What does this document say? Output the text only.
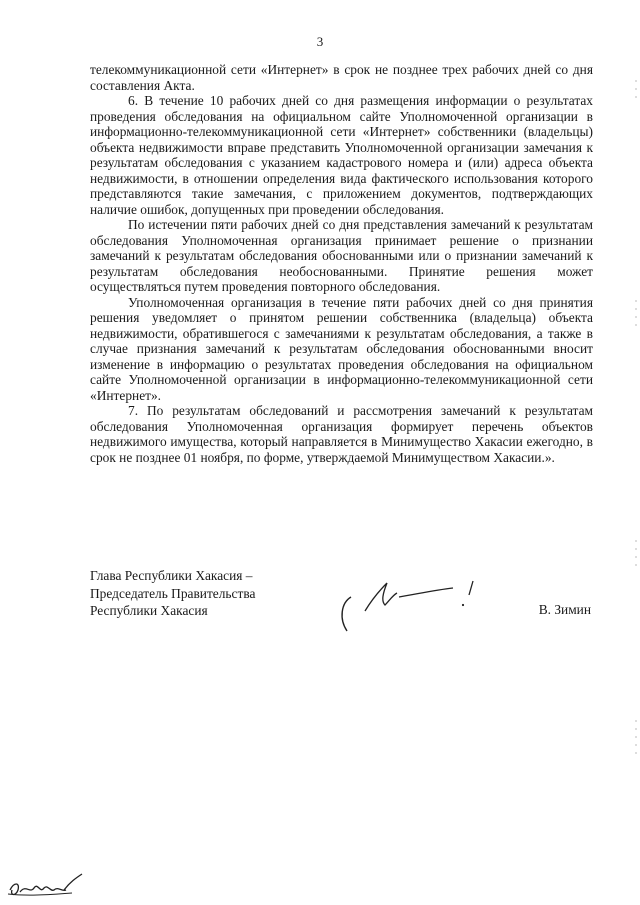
3

телекоммуникационной сети «Интернет» в срок не позднее трех рабочих дней со дня составления Акта.

6. В течение 10 рабочих дней со дня размещения информации о результатах проведения обследования на официальном сайте Уполномоченной организации в информационно-телекоммуникационной сети «Интернет» собственники (владельцы) объекта недвижимости вправе представить Уполномоченной организации замечания к результатам обследования с указанием кадастрового номера и (или) адреса объекта недвижимости, в отношении определения вида фактического использования которого представляются такие замечания, с приложением документов, подтверждающих наличие ошибок, допущенных при проведении обследования.

По истечении пяти рабочих дней со дня представления замечаний к результатам обследования Уполномоченная организация принимает решение о признании замечаний к результатам обследования обоснованными или о признании замечаний к результатам обследования необоснованными. Принятие решения может осуществляться путем проведения повторного обследования.

Уполномоченная организация в течение пяти рабочих дней со дня принятия решения уведомляет о принятом решении собственника (владельца) объекта недвижимости, обратившегося с замечаниями к результатам обследования, а также в случае признания замечаний к результатам обследования обоснованными вносит изменение в информацию о результатах проведения обследования на официальном сайте Уполномоченной организации в информационно-телекоммуникационной сети «Интернет».

7. По результатам обследований и рассмотрения замечаний к результатам обследования Уполномоченная организация формирует перечень объектов недвижимого имущества, который направляется в Минимущество Хакасии ежегодно, в срок не позднее 01 ноября, по форме, утверждаемой Минимуществом Хакасии.».

Глава Республики Хакасия –
Председатель Правительства
Республики Хакасия	В. Зимин
